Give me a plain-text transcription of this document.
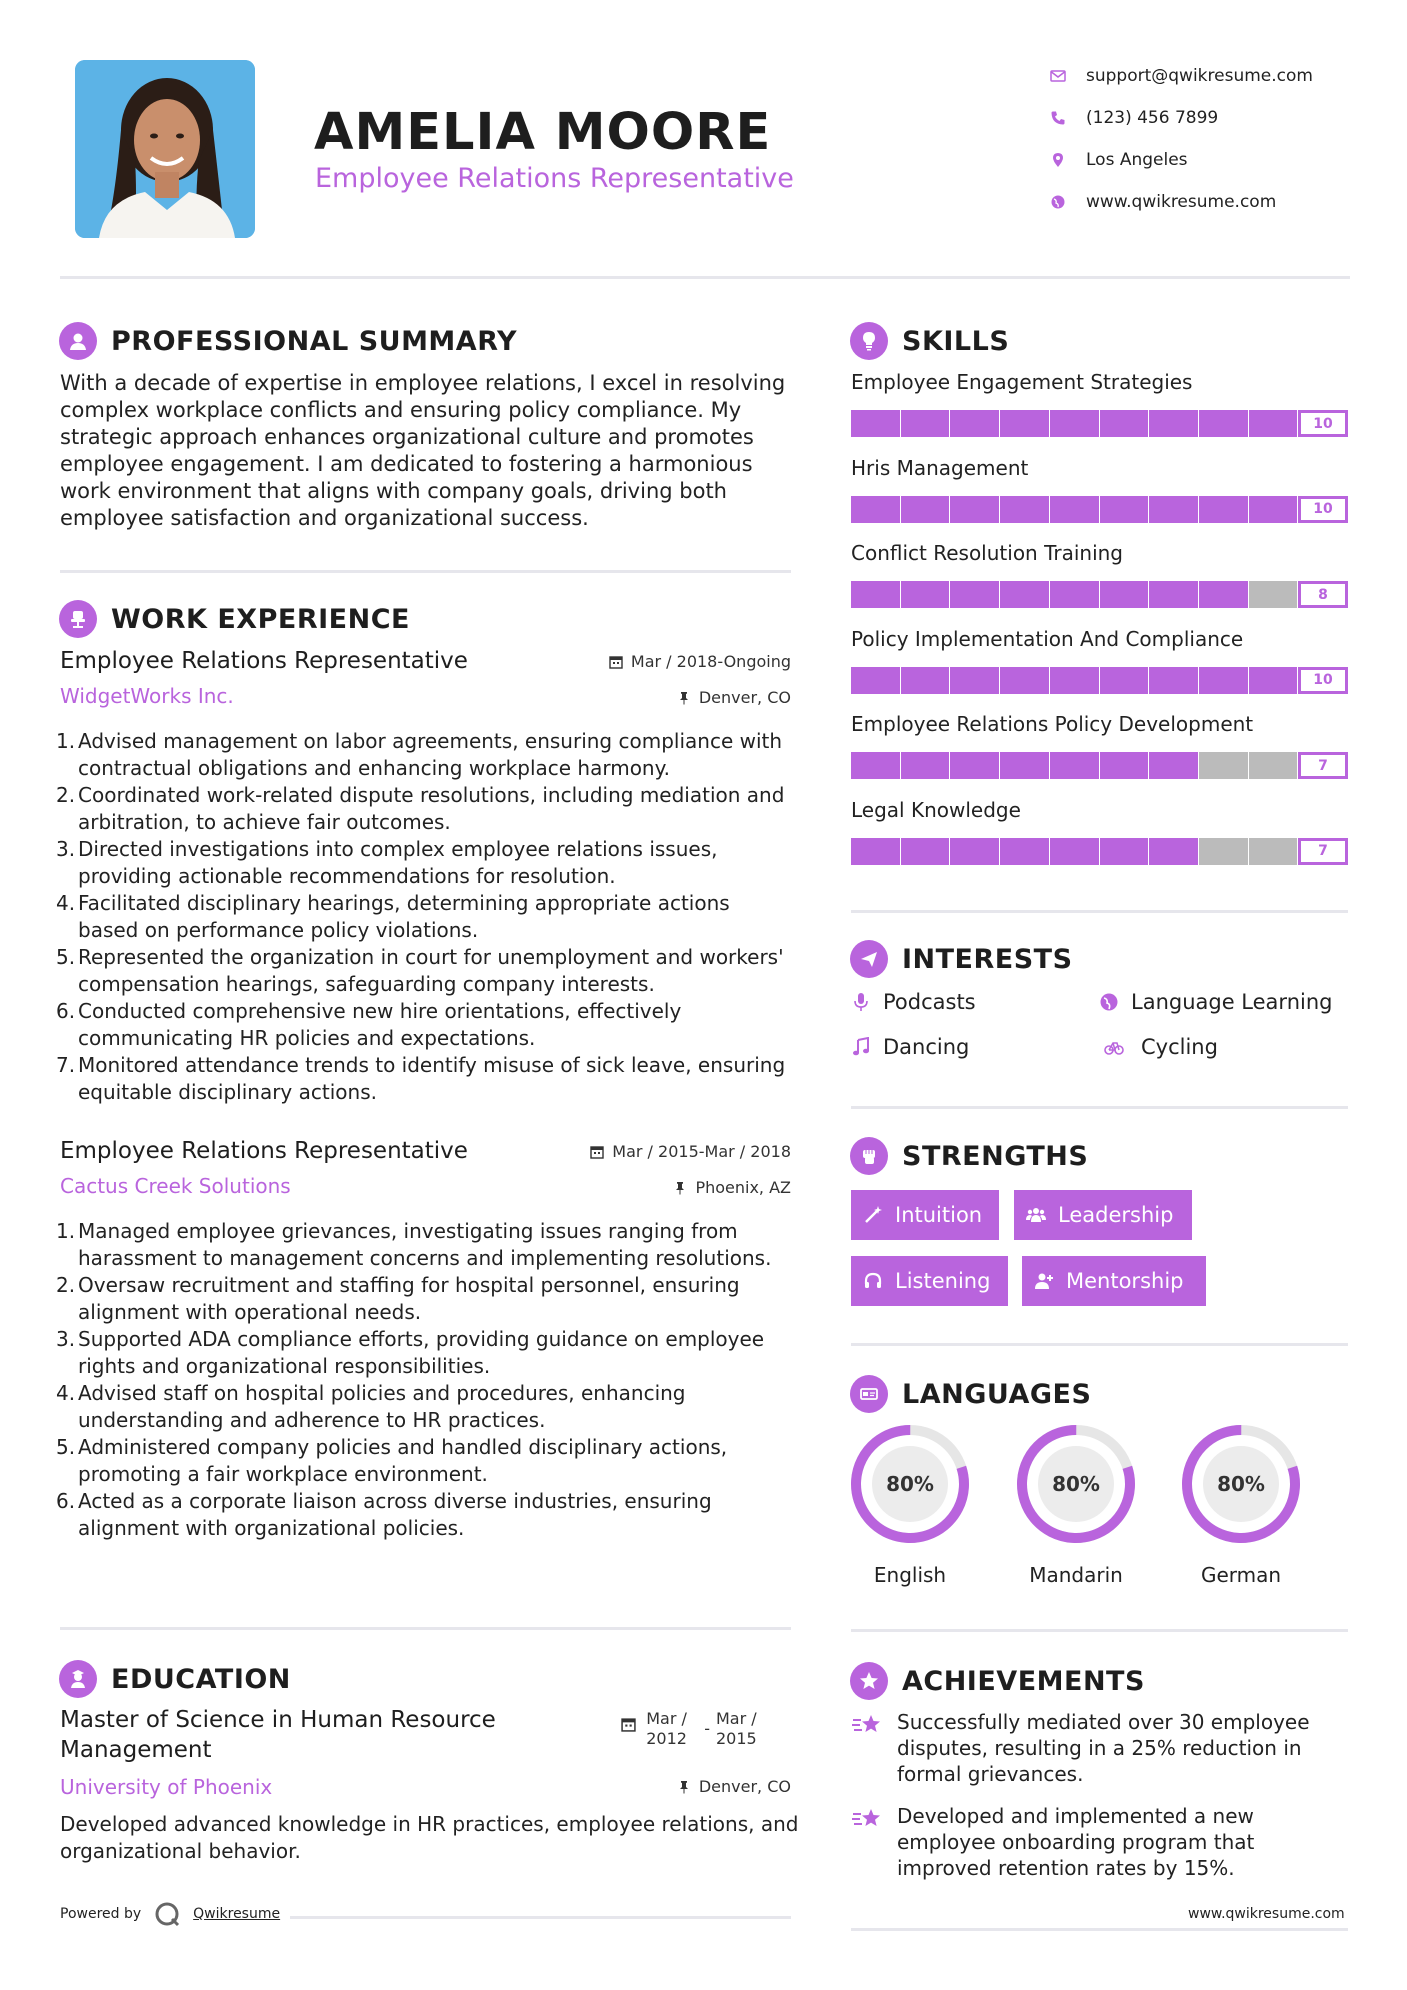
AMELIA MOORE
Employee Relations Representative
support@qwikresume.com
(123) 456 7899
Los Angeles
www.qwikresume.com
PROFESSIONAL SUMMARY
With a decade of expertise in employee relations, I excel in resolving complex workplace conflicts and ensuring policy compliance. My strategic approach enhances organizational culture and promotes employee engagement. I am dedicated to fostering a harmonious work environment that aligns with company goals, driving both employee satisfaction and organizational success.
WORK EXPERIENCE
Employee Relations Representative	Mar / 2018-Ongoing
WidgetWorks Inc.	Denver, CO
1. Advised management on labor agreements, ensuring compliance with contractual obligations and enhancing workplace harmony.
2. Coordinated work-related dispute resolutions, including mediation and arbitration, to achieve fair outcomes.
3. Directed investigations into complex employee relations issues, providing actionable recommendations for resolution.
4. Facilitated disciplinary hearings, determining appropriate actions based on performance policy violations.
5. Represented the organization in court for unemployment and workers' compensation hearings, safeguarding company interests.
6. Conducted comprehensive new hire orientations, effectively communicating HR policies and expectations.
7. Monitored attendance trends to identify misuse of sick leave, ensuring equitable disciplinary actions.
Employee Relations Representative	Mar / 2015-Mar / 2018
Cactus Creek Solutions	Phoenix, AZ
1. Managed employee grievances, investigating issues ranging from harassment to management concerns and implementing resolutions.
2. Oversaw recruitment and staffing for hospital personnel, ensuring alignment with operational needs.
3. Supported ADA compliance efforts, providing guidance on employee rights and organizational responsibilities.
4. Advised staff on hospital policies and procedures, enhancing understanding and adherence to HR practices.
5. Administered company policies and handled disciplinary actions, promoting a fair workplace environment.
6. Acted as a corporate liaison across diverse industries, ensuring alignment with organizational policies.
EDUCATION
Master of Science in Human Resource Management
Mar / 2012
-
Mar / 2015
University of Phoenix	Denver, CO
Developed advanced knowledge in HR practices, employee relations, and organizational behavior.
Powered by	Qwikresume
SKILLS
Employee Engagement Strategies
10
Hris Management
10
Conflict Resolution Training
8
Policy Implementation And Compliance
10
Employee Relations Policy Development
7
Legal Knowledge
7
INTERESTS
Podcasts	Language Learning
Dancing	Cycling
STRENGTHS
Intuition	Leadership
Listening	Mentorship
LANGUAGES
80%
English
80%
Mandarin
80%
German
ACHIEVEMENTS
Successfully mediated over 30 employee disputes, resulting in a 25% reduction in formal grievances.
Developed and implemented a new employee onboarding program that improved retention rates by 15%.
www.qwikresume.com
